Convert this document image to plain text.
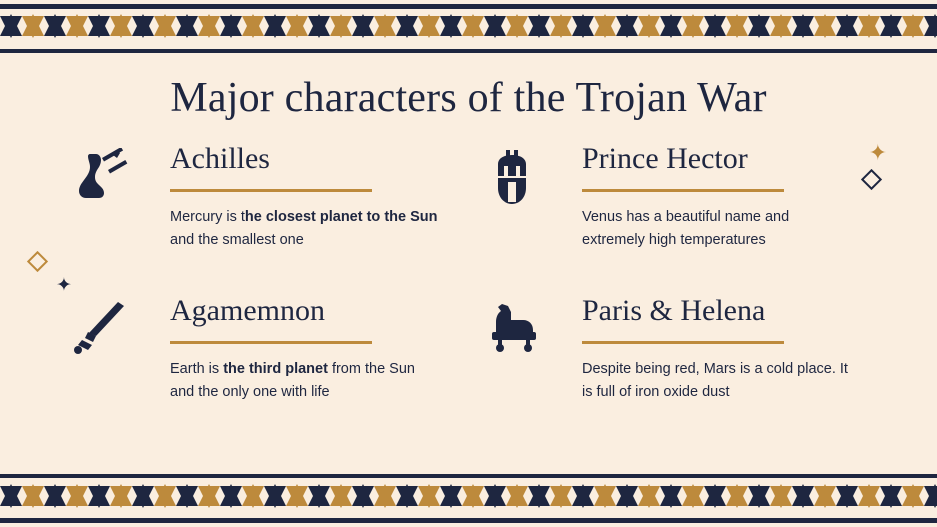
✦
✦
Major characters of the Trojan War
Achilles
Mercury is the closest planet to the Sun and the smallest one
Prince Hector
Venus has a beautiful name and extremely high temperatures
Agamemnon
Earth is the third planet from the Sun and the only one with life
Paris & Helena
Despite being red, Mars is a cold place. It is full of iron oxide dust
